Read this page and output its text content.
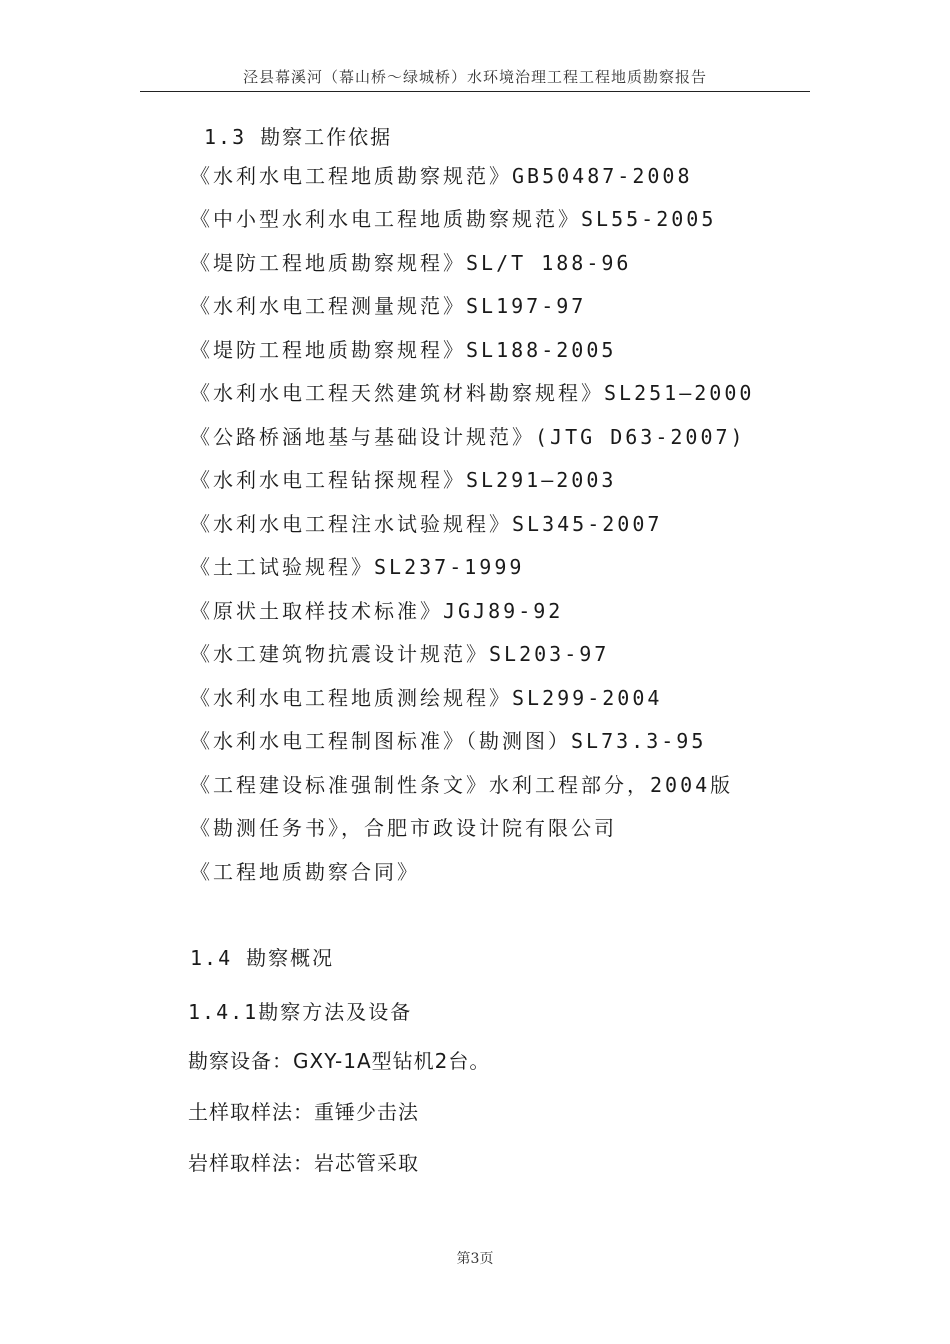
泾县幕溪河（幕山桥～绿城桥）水环境治理工程工程地质勘察报告
1.3 勘察工作依据
《水利水电工程地质勘察规范》GB50487-2008
《中小型水利水电工程地质勘察规范》SL55-2005
《堤防工程地质勘察规程》SL/T 188-96
《水利水电工程测量规范》SL197-97
《堤防工程地质勘察规程》SL188-2005
《水利水电工程天然建筑材料勘察规程》SL251—2000
《公路桥涵地基与基础设计规范》(JTG D63-2007)
《水利水电工程钻探规程》SL291—2003
《水利水电工程注水试验规程》SL345-2007
《土工试验规程》SL237-1999
《原状土取样技术标准》JGJ89-92
《水工建筑物抗震设计规范》SL203-97
《水利水电工程地质测绘规程》SL299-2004
《水利水电工程制图标准》（勘测图）SL73.3-95
《工程建设标准强制性条文》水利工程部分，2004版
《勘测任务书》，合肥市政设计院有限公司
《工程地质勘察合同》
1.4 勘察概况
1.4.1勘察方法及设备
勘察设备：GXY-1A型钻机2台。
土样取样法：重锤少击法
岩样取样法：岩芯管采取
第3页
